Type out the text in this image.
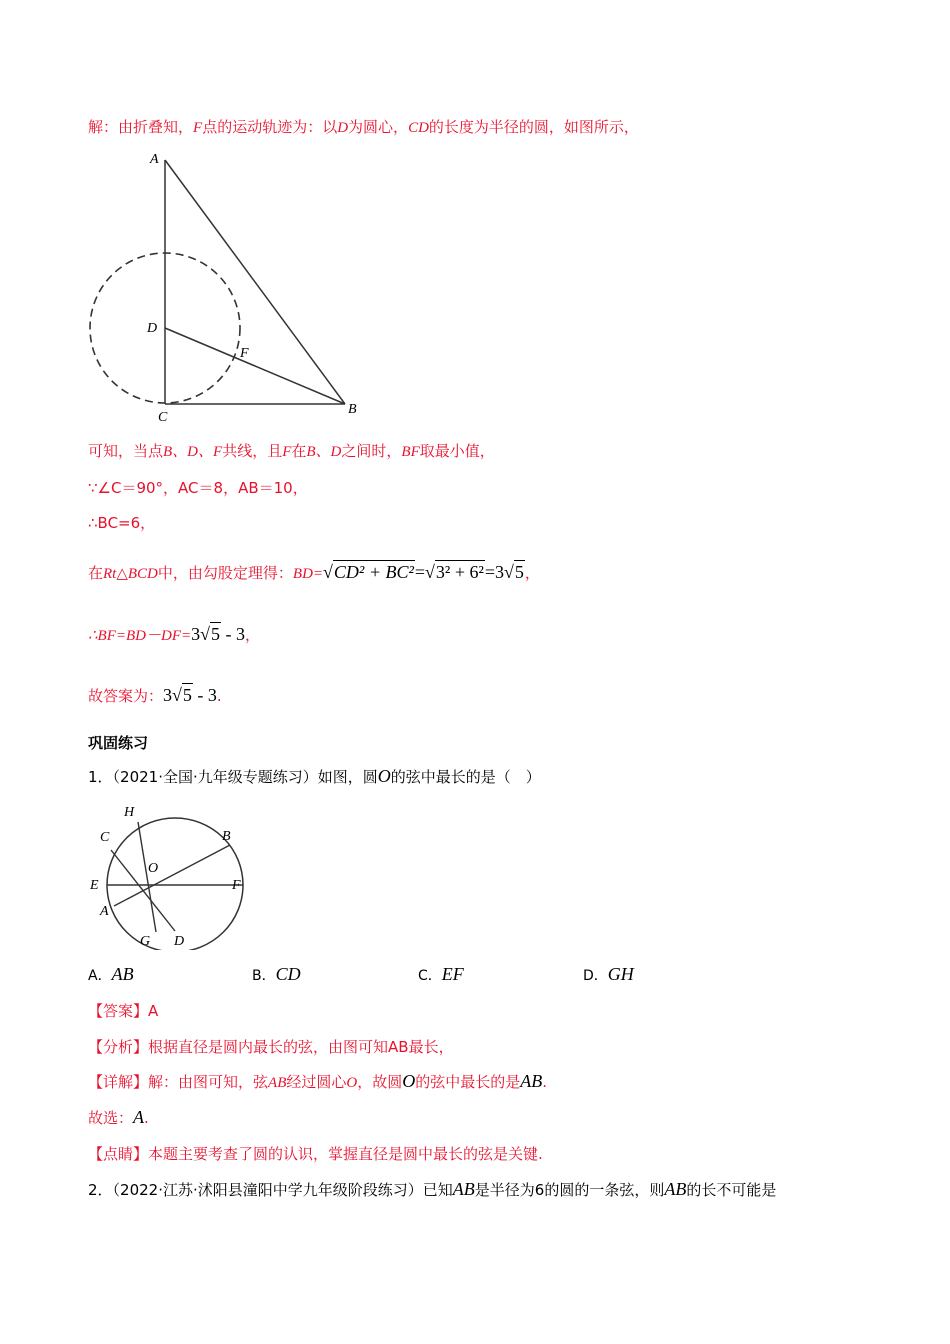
解：由折叠知，F点的运动轨迹为：以D为圆心，CD的长度为半径的圆，如图所示，
A
D
F
C
B
可知，当点B、D、F共线，且F在B、D之间时，BF取最小值，
∵∠C＝90°，AC＝8，AB＝10，
∴BC=6，
在Rt△BCD中，由勾股定理得：BD=√CD² + BC²=√3² + 6²=3√5，
∴BF=BD－DF=3√5 - 3，
故答案为：3√5 - 3.
巩固练习
1．（2021·全国·九年级专题练习）如图，圆O的弦中最长的是（　）
H
C	B
O
E	F
A
G D
A．AB	B．CD	C．EF	D．GH
【答案】A
【分析】根据直径是圆内最长的弦，由图可知AB最长，
【详解】解：由图可知，弦AB经过圆心O，故圆O的弦中最长的是AB.
故选：A.
【点睛】本题主要考查了圆的认识，掌握直径是圆中最长的弦是关键.
2．（2022·江苏·沭阳县潼阳中学九年级阶段练习）已知AB是半径为6的圆的一条弦，则AB的长不可能是
